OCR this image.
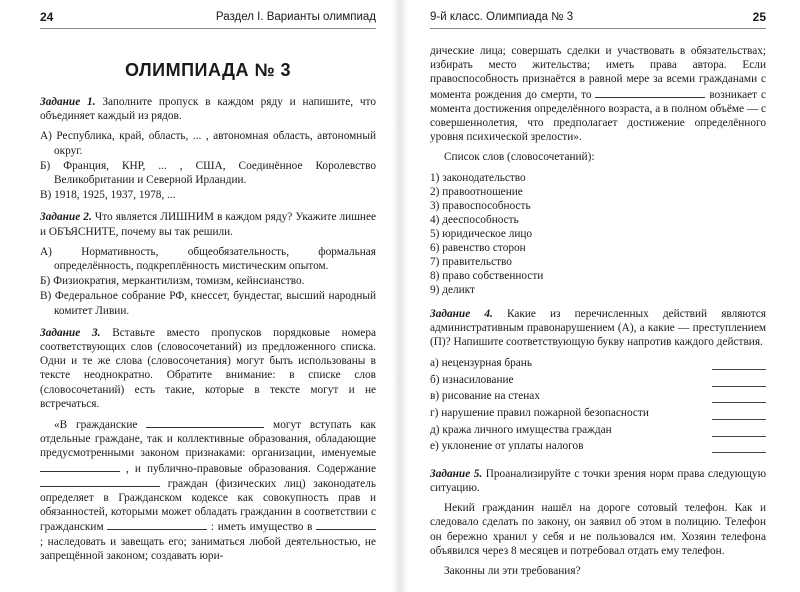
24	Раздел I. Варианты олимпиад
ОЛИМПИАДА № 3

Задание 1. Заполните пропуск в каждом ряду и напишите, что объединяет каждый из рядов.

А) Республика, край, область, ... , автономная область, автономный округ.
Б) Франция, КНР, ... , США, Соединённое Королевство Великобритании и Северной Ирландии.
В) 1918, 1925, 1937, 1978, ...

Задание 2. Что является ЛИШНИМ в каждом ряду? Укажите лишнее и ОБЪЯСНИТЕ, почему вы так решили.

А) Нормативность, общеобязательность, формальная определённость, подкреплённость мистическим опытом.
Б) Физиократия, меркантилизм, томизм, кейнсианство.
В) Федеральное собрание РФ, кнессет, бундестаг, высший народный комитет Ливии.

Задание 3. Вставьте вместо пропусков порядковые номера соответствующих слов (словосочетаний) из предложенного списка. Одни и те же слова (словосочетания) могут быть использованы в тексте неоднократно. Обратите внимание: в списке слов (словосочетаний) есть такие, которые в тексте могут и не встречаться.

«В гражданские	могут вступать как отдельные граждане, так и коллективные образования, обладающие предусмотренными законом признаками: организации, именуемые  , и публично-правовые образования. Содержание  граждан (физических лиц) законодатель определяет в Гражданском кодексе как совокупность прав и обязанностей, которыми может обладать гражданин в соответствии с гражданским	: иметь имущество в  ; наследовать и завещать его; заниматься любой деятельностью, не запрещённой законом; создавать юри-

9-й класс. Олимпиада № 3	25

дические лица; совершать сделки и участвовать в обязательствах; избирать место жительства; иметь права автора. Если правоспособность признаётся в равной мере за всеми гражданами с момента рождения до смерти, то	возникает с момента достижения определённого возраста, а в полном объёме — с совершеннолетия, что предполагает достижение определённого уровня психической зрелости».

Список слов (словосочетаний):

1) законодательство
2) правоотношение
3) правоспособность
4) дееспособность
5) юридическое лицо
6) равенство сторон
7) правительство
8) право собственности
9) деликт

Задание 4. Какие из перечисленных действий являются административным правонарушением (А), а какие — преступлением (П)? Напишите соответствующую букву напротив каждого действия.

а) нецензурная брань
б) изнасилование
в) рисование на стенах
г) нарушение правил пожарной безопасности
д) кража личного имущества граждан
е) уклонение от уплаты налогов

Задание 5. Проанализируйте с точки зрения норм права следующую ситуацию.

Некий гражданин нашёл на дороге сотовый телефон. Как и следовало сделать по закону, он заявил об этом в полицию. Телефон он бережно хранил у себя и не пользовался им. Хозяин телефона объявился через 8 месяцев и потребовал отдать ему телефон.

Законны ли эти требования?
